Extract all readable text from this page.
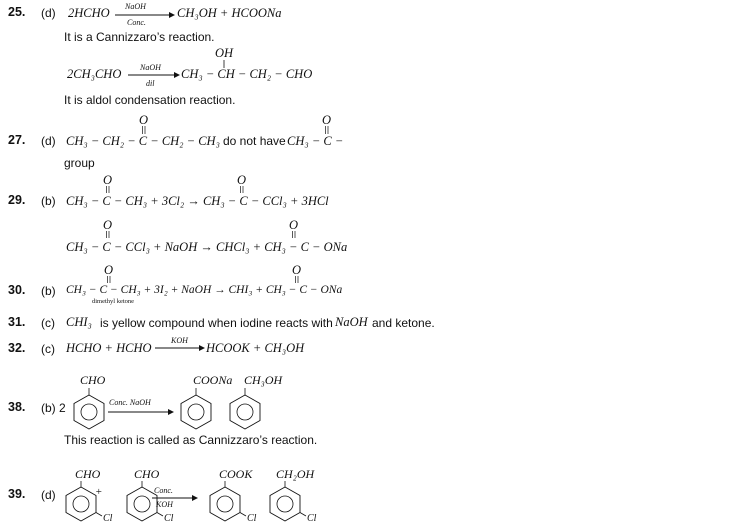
25. (d) 2HCHO NaOH
Conc.
CH₃OH + HCOONa
It is a Cannizzaro’s reaction.
OH
2CH₃CHO NaOH
dil
CH₃ − CH − CH₂ − CHO
It is aldol condensation reaction.
O	O
27. (d) CH₃ − CH₂ − C − CH₂ − CH₃ do not have CH₃ − C −
group
O	O
29. (b) CH₃ − C − CH₃ + 3Cl₂ → CH₃ − C − CCl₃ + 3HCl
O	O
CH₃ − C − CCl₃ + NaOH → CHCl₃ + CH₃ − C − ONa
O	O
30. (b) CH₃ − C − CH₃ + 3I₂ + NaOH → CHI₃ + CH₃ − C − ONa
dimethyl ketone
31. (c) CHI₃ is yellow compound when iodine reacts with NaOH and ketone.
32. (c) HCHO + HCHO
KOH
HCOOK + CH₃OH
CHO	COONa CH₃OH
38. (b) 2	Conc. NaOH
This reaction is called as Cannizzaro’s reaction.
CHO	CHO	COOK CH₂OH
39. (d)	+	Conc.
KOH
Cl	Cl	Cl	Cl
